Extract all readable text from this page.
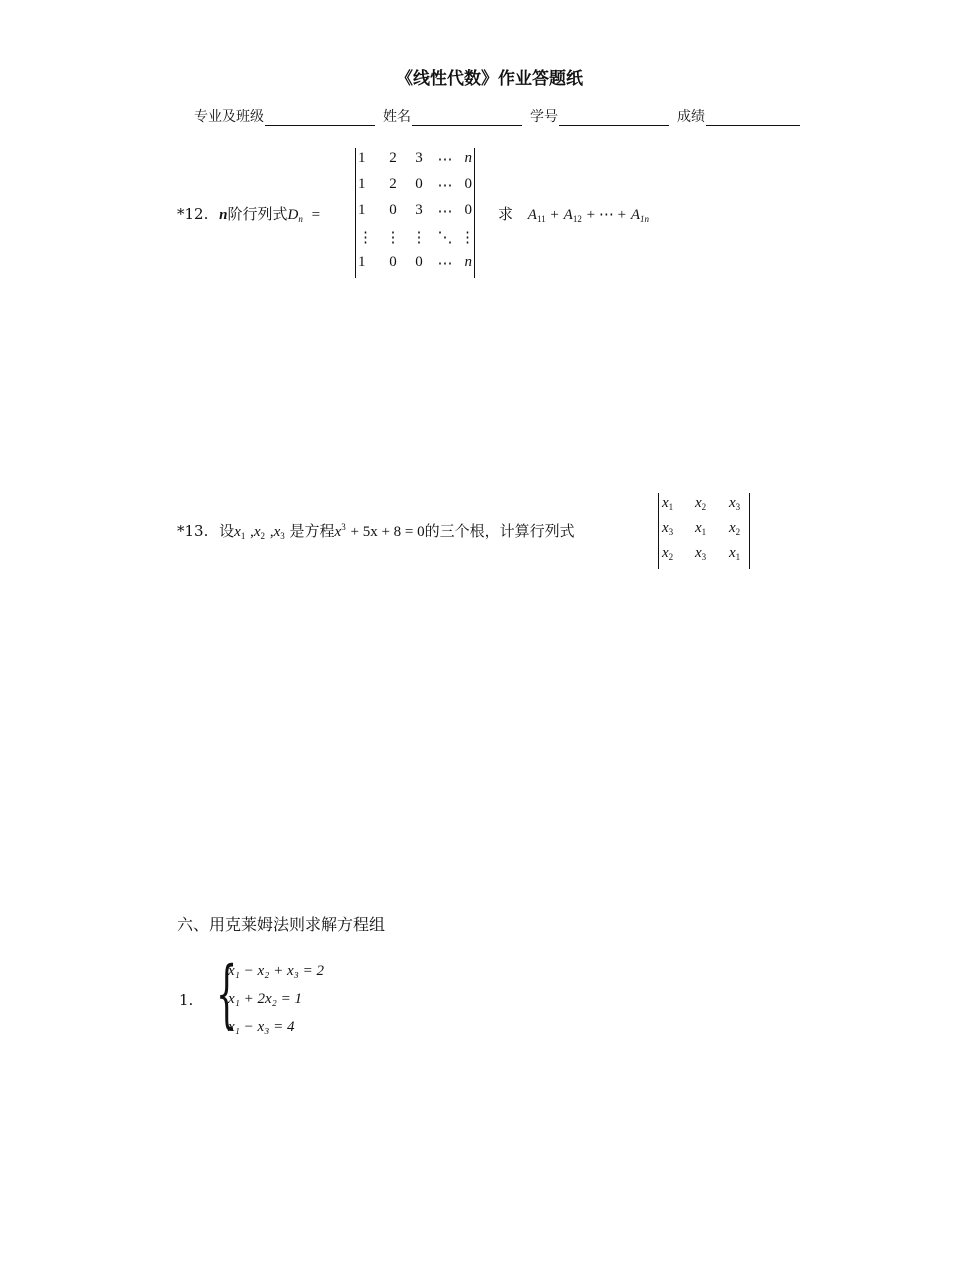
《线性代数》作业答题纸
专业及班级	姓名	学号	成绩
*12. n阶行列式$D_n$ =
1	2	3 ⋯ n
1	2	0 ⋯ 0
1	0	3 ⋯ 0
⋮ ⋮ ⋮ ⋱ ⋮
1	0	0 ⋯ n
求 $A_{11} + A_{12}$ + ⋯ + $A_{1n}$
*13. 设$x_1$ $,x_2$ $,x_3$ 是方程$x^3 + 5x + 8 = 0$的三个根，计算行列式
$x_1$	$x_2$	$x_3$
$x_3$	$x_1$	$x_2$
$x_2$	$x_3$	$x_1$
六、用克莱姆法则求解方程组
1. {
x₁ − x₂ + x₃ = 2
x₁ + 2x₂ = 1
x₁ − x₃ = 4
